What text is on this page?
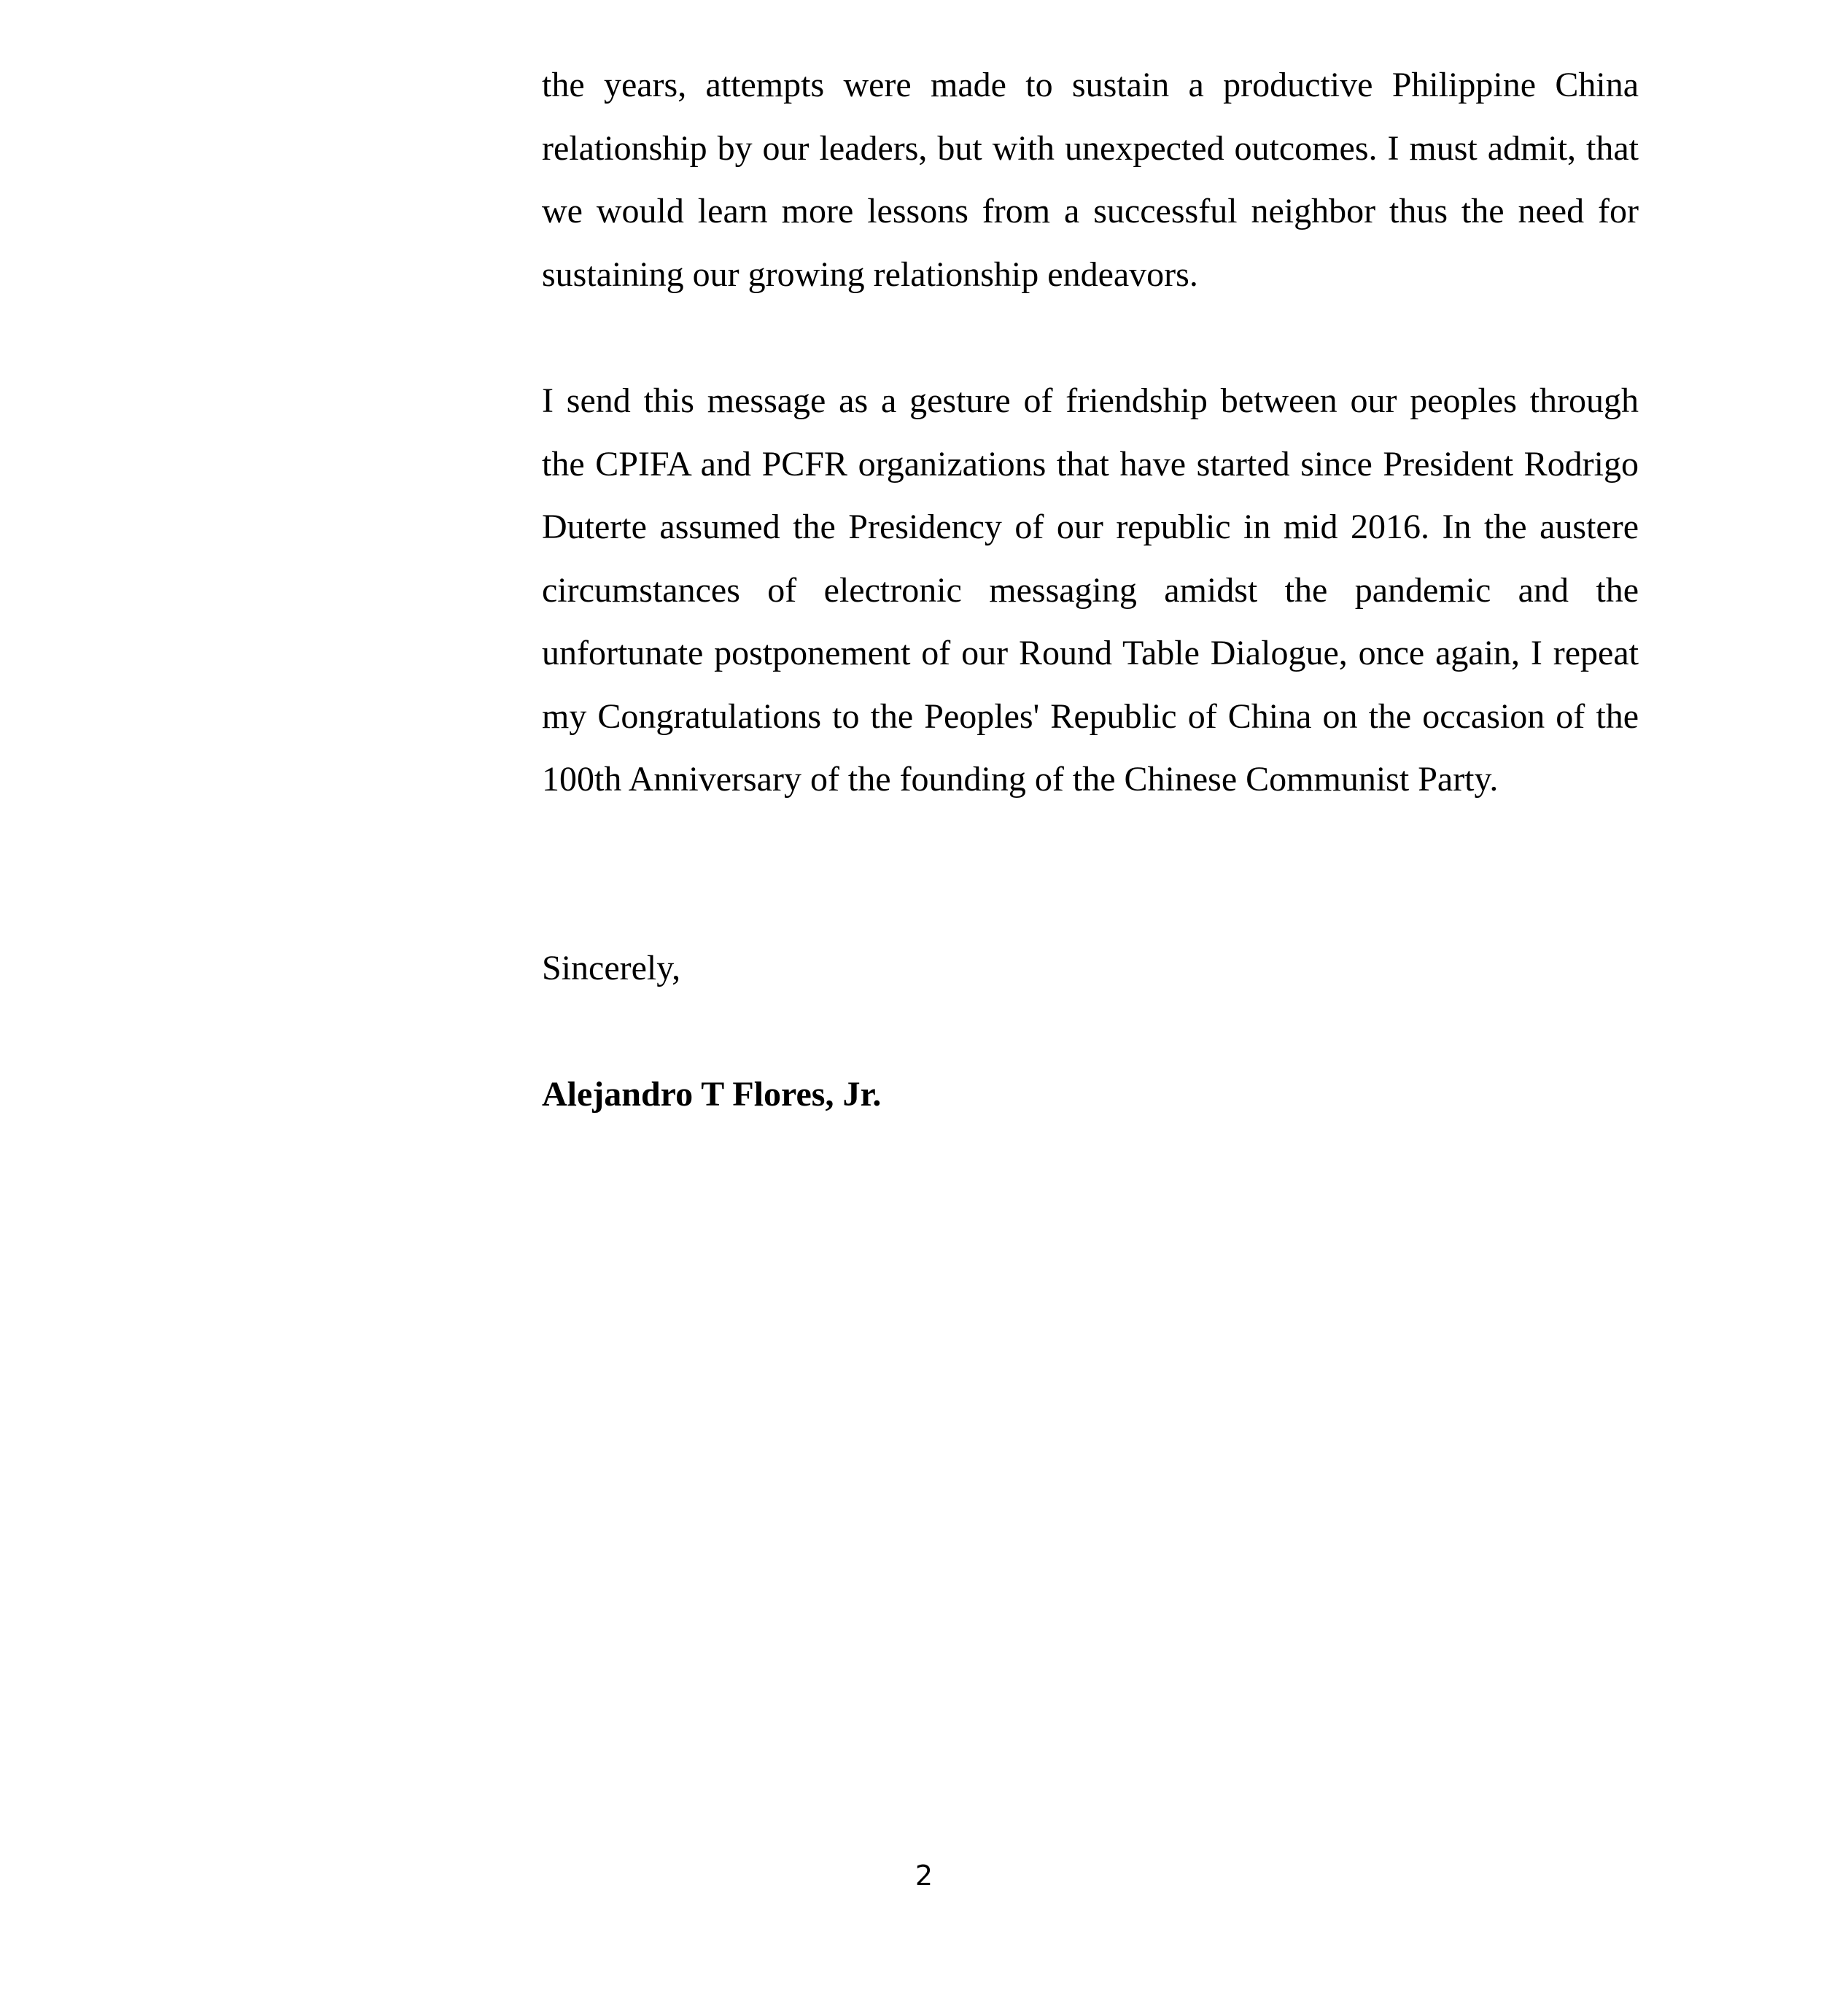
the years, attempts were made to sustain a productive Philippine China relationship by our leaders, but with unexpected outcomes. I must admit, that we would learn more lessons from a successful neighbor thus the need for sustaining our growing relationship endeavors.

I send this message as a gesture of friendship between our peoples through the CPIFA and PCFR organizations that have started since President Rodrigo Duterte assumed the Presidency of our republic in mid 2016. In the austere circumstances of electronic messaging amidst the pandemic and the unfortunate postponement of our Round Table Dialogue, once again, I repeat my Congratulations to the Peoples' Republic of China on the occasion of the 100th Anniversary of the founding of the Chinese Communist Party.

Sincerely,

Alejandro T Flores, Jr.

2
